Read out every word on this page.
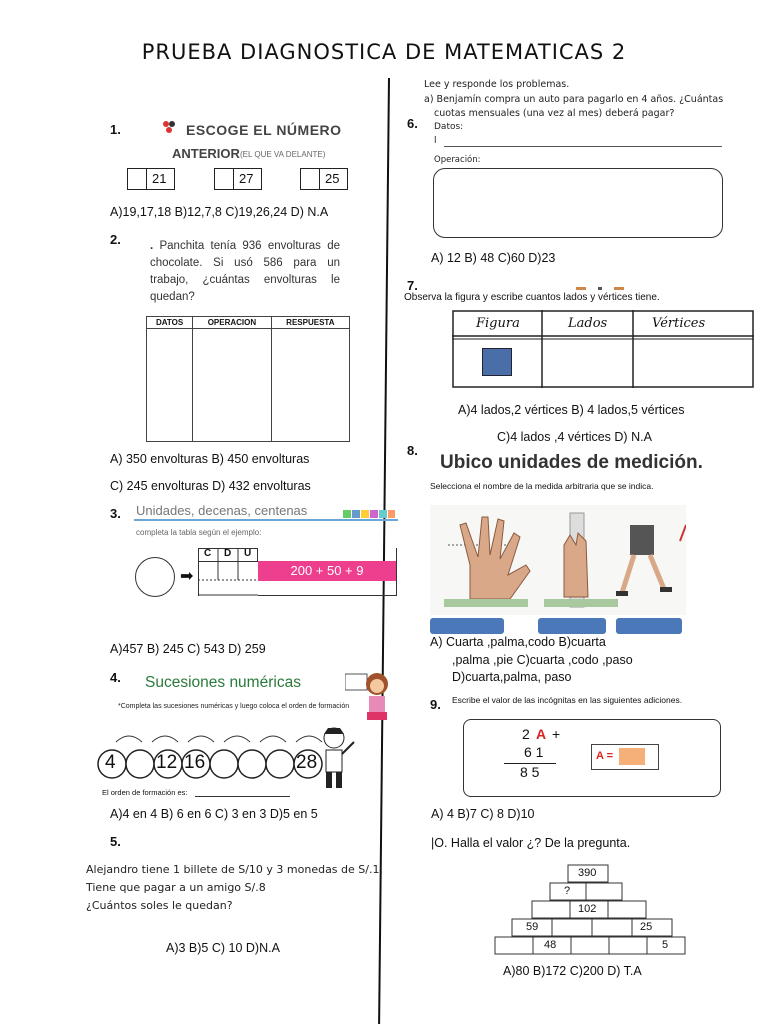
PRUEBA DIAGNOSTICA DE MATEMATICAS 2
1.	ESCOGE EL NÚMERO
ANTERIOR (EL QUE VA DELANTE)
21	27	25
A)19,17,18 B)12,7,8 C)19,26,24 D) N.A
2.	. Panchita tenía 936 envolturas de chocolate. Si usó 586 para un trabajo, ¿cuántas envolturas le quedan?
DATOS	OPERACION	RESPUESTA

A) 350 envolturas B) 450 envolturas
C) 245 envolturas D) 432 envolturas
3. Unidades, decenas, centenas
completa la tabla según el ejemplo:
➡
C D U
200 + 50 + 9
A)457 B) 245 C) 543 D) 259
4. Sucesiones numéricas
*Completa las sucesiones numéricas y luego coloca el orden de formación
4 12 16	28
El orden de formación es:
A)4 en 4 B) 6 en 6 C) 3 en 3 D)5 en 5
5.
Alejandro tiene 1 billete de S/10 y 3 monedas de S/.1.
Tiene que pagar a un amigo S/.8
¿Cuántos soles le quedan?
A)3 B)5 C) 10 D)N.A
Lee y responde los problemas.
a) Benjamín compra un auto para pagarlo en 4 años. ¿Cuántas
cuotas mensuales (una vez al mes) deberá pagar?
6. Datos:
l
Operación:
A) 12 B) 48 C)60 D)23
7.
Observa la figura y escribe cuantos lados y vértices tiene.
Figura	Lados	Vértices
A)4 lados,2 vértices B) 4 lados,5 vértices
C)4 lados ,4 vértices D) N.A
8.
Ubico unidades de medición.
Selecciona el nombre de la medida arbitraria que se indica.
A) Cuarta ,palma,codo B)cuarta
,palma ,pie C)cuarta ,codo ,paso
D)cuarta,palma, paso
9. Escribe el valor de las incógnitas en las siguientes adiciones.
2 A +
6 1
8 5
A =
A) 4 B)7 C) 8 D)10
|O. Halla el valor ¿? De la pregunta.
390
?
102
59	25
48	5
A)80 B)172 C)200 D) T.A
